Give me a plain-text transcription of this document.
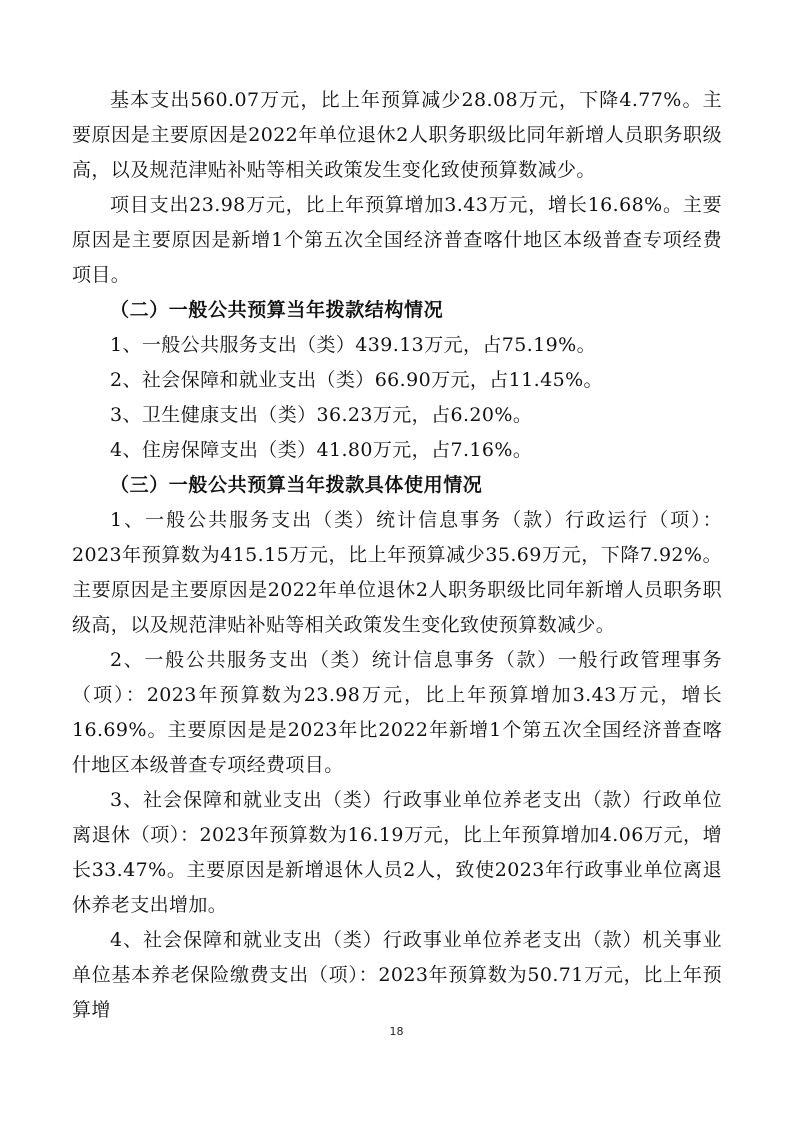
基本支出560.07万元，比上年预算减少28.08万元，下降4.77%。主要原因是主要原因是2022年单位退休2人职务职级比同年新增人员职务职级高，以及规范津贴补贴等相关政策发生变化致使预算数减少。

项目支出23.98万元，比上年预算增加3.43万元，增长16.68%。主要原因是主要原因是新增1个第五次全国经济普查喀什地区本级普查专项经费项目。

（二）一般公共预算当年拨款结构情况

1、一般公共服务支出（类）439.13万元，占75.19%。

2、社会保障和就业支出（类）66.90万元，占11.45%。

3、卫生健康支出（类）36.23万元，占6.20%。

4、住房保障支出（类）41.80万元，占7.16%。

（三）一般公共预算当年拨款具体使用情况

1、一般公共服务支出（类）统计信息事务（款）行政运行（项）：2023年预算数为415.15万元，比上年预算减少35.69万元，下降7.92%。主要原因是主要原因是2022年单位退休2人职务职级比同年新增人员职务职级高，以及规范津贴补贴等相关政策发生变化致使预算数减少。

2、一般公共服务支出（类）统计信息事务（款）一般行政管理事务（项）：2023年预算数为23.98万元，比上年预算增加3.43万元，增长16.69%。主要原因是是2023年比2022年新增1个第五次全国经济普查喀什地区本级普查专项经费项目。

3、社会保障和就业支出（类）行政事业单位养老支出（款）行政单位离退休（项）：2023年预算数为16.19万元，比上年预算增加4.06万元，增长33.47%。主要原因是新增退休人员2人，致使2023年行政事业单位离退休养老支出增加。

4、社会保障和就业支出（类）行政事业单位养老支出（款）机关事业单位基本养老保险缴费支出（项）：2023年预算数为50.71万元，比上年预算增

18
